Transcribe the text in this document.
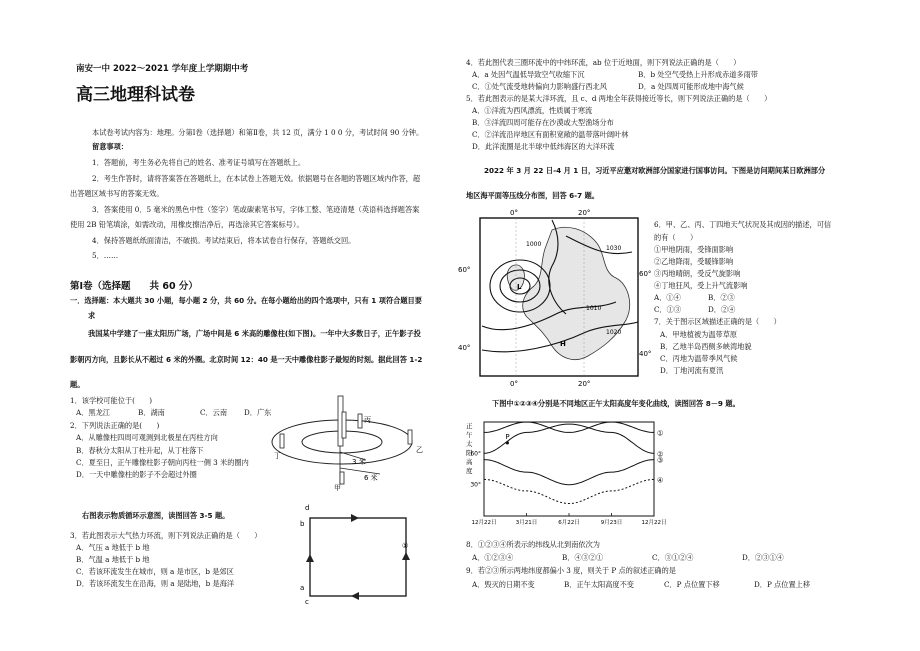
南安一中 2022～2021 学年度上学期期中考
高三地理科试卷
本试卷考试内容为：地理。分第Ⅰ卷（选择题）和第Ⅱ卷，共 12 页，满分 1 0 0 分，考试时间 90 分钟。
留意事项：
1．答题前，考生务必先将自己的姓名、准考证号填写在答题纸上。
2．考生作答时，请将答案答在答题纸上，在本试卷上答题无效。依据题号在各题的答题区域内作答，超
出答题区域书写的答案无效。
3．答案使用 0．5 毫米的黑色中性（签字）笔或碳素笔书写，字体工整、笔迹清楚（英语科选择题答案
使用 2B 铅笔填涂，如需改动，用橡皮擦洁净后，再选涂其它答案标号）。
4．保持答题纸纸面清洁，不破损。考试结束后，将本试卷自行保存，答题纸交回。
5．……
第Ⅰ卷（选择题　　共 60 分）
一．选择题：本大题共 30 小题，每小题 2 分，共 60 分。在每小题给出的四个选项中，只有 1 项符合题目要
求
我国某中学建了一座太阳历广场，广场中间是 6 米高的雕像柱(如下图)。一年中大多数日子，正午影子投
影朝丙方向，且影长从不超过 6 米的外圈。北京时间 12：40 是一天中雕像柱影子最短的时刻。据此回答 1-2
题。
1．该学校可能位于(　　)
A．黑龙江	B．湖南	C．云南	D．广东
2．下列说法正确的是(　　)
A．从雕像柱四周可观测到北极星在丙柱方向
B．春秋分太阳从丁柱升起，从丁柱落下
C．夏至日，正午雕像柱影子朝向丙柱一侧 3 米的圈内
D．一天中雕像柱的影子不会超过外圈
丙
丁
乙
甲
3 米
6 米
右图表示物质循环示意图，读图回答 3-5 题。
d
c
b
a
①
3．若此图表示大气热力环流，则下列说法正确的是（　　）
A．气压 a 地低于 b 地
B．气温 a 地低于 b 地
C．若该环流发生在城市，则 a 是市区，b 是郊区
D．若该环流发生在沿海，则 a 是陆地，b 是海洋
4．若此图代表三圈环流中的中纬环流，ab 位于近地面，则下列说法正确的是（　　）
A．a 处因气温低导致空气收缩下沉	B．b 处空气受热上升形成赤道多雨带
C．①处气流受地转偏向力影响盛行西北风	D．a 处四周可能形成地中海气候
5．若此图表示的是某大洋环流，且 c、d 两地全年获得接近等长，则下列说法正确的是（　　）
A．①洋流为西风漂流，性质属于寒流
B．③洋流四周可能存在沙漠或大型渔场分布
C．②洋流沿岸地区有面积宽敞的温带落叶阔叶林
D．此洋流圈是北半球中低纬海区的大洋环流
2022 年 3 月 22 日-4 月 1 日，习近平应邀对欧洲部分国家进行国事访问。下图是访问期间某日欧洲部分
地区海平面等压线分布图，回答 6-7 题。
0°	20°
0°	20°
60°
40°
60°
40°
1000
1010
1020
1030
L
H
6．甲、乙、丙、丁四地天气状况及其成因的描述，可信
的有（　　）
①甲地阴雨，受锋面影响
②乙地降雨，受暖锋影响
③丙地晴朗，受反气旋影响
④丁地狂风，受上升气流影响
A．①④	B．②③
C．①③	D．②④
7．关于图示区域描述正确的是（　　）
A．甲地植被为温带草原
B．乙地半岛西侧多峡湾地貌
C．丙地为温带季风气候
D．丁地河流有夏汛
下图中①②③④分别是不同地区正午太阳高度年变化曲线，读图回答 8－9 题。
正
午
太
阳
高
度
60°
30°
12月22日	3月21日	6月22日	9月23日	12月22日
①
②
③
④
P
8．①②③④所表示的纬线从北到南依次为
A．①②③④	B．④③②①	C．③①②④	D．②③①④
9．若②③所示两地纬度都偏小 3 度，则关于 P 点的叙述正确的是
A．毁灭的日期不变	B．正午太阳高度不变	C．P 点位置下移	D．P 点位置上移
